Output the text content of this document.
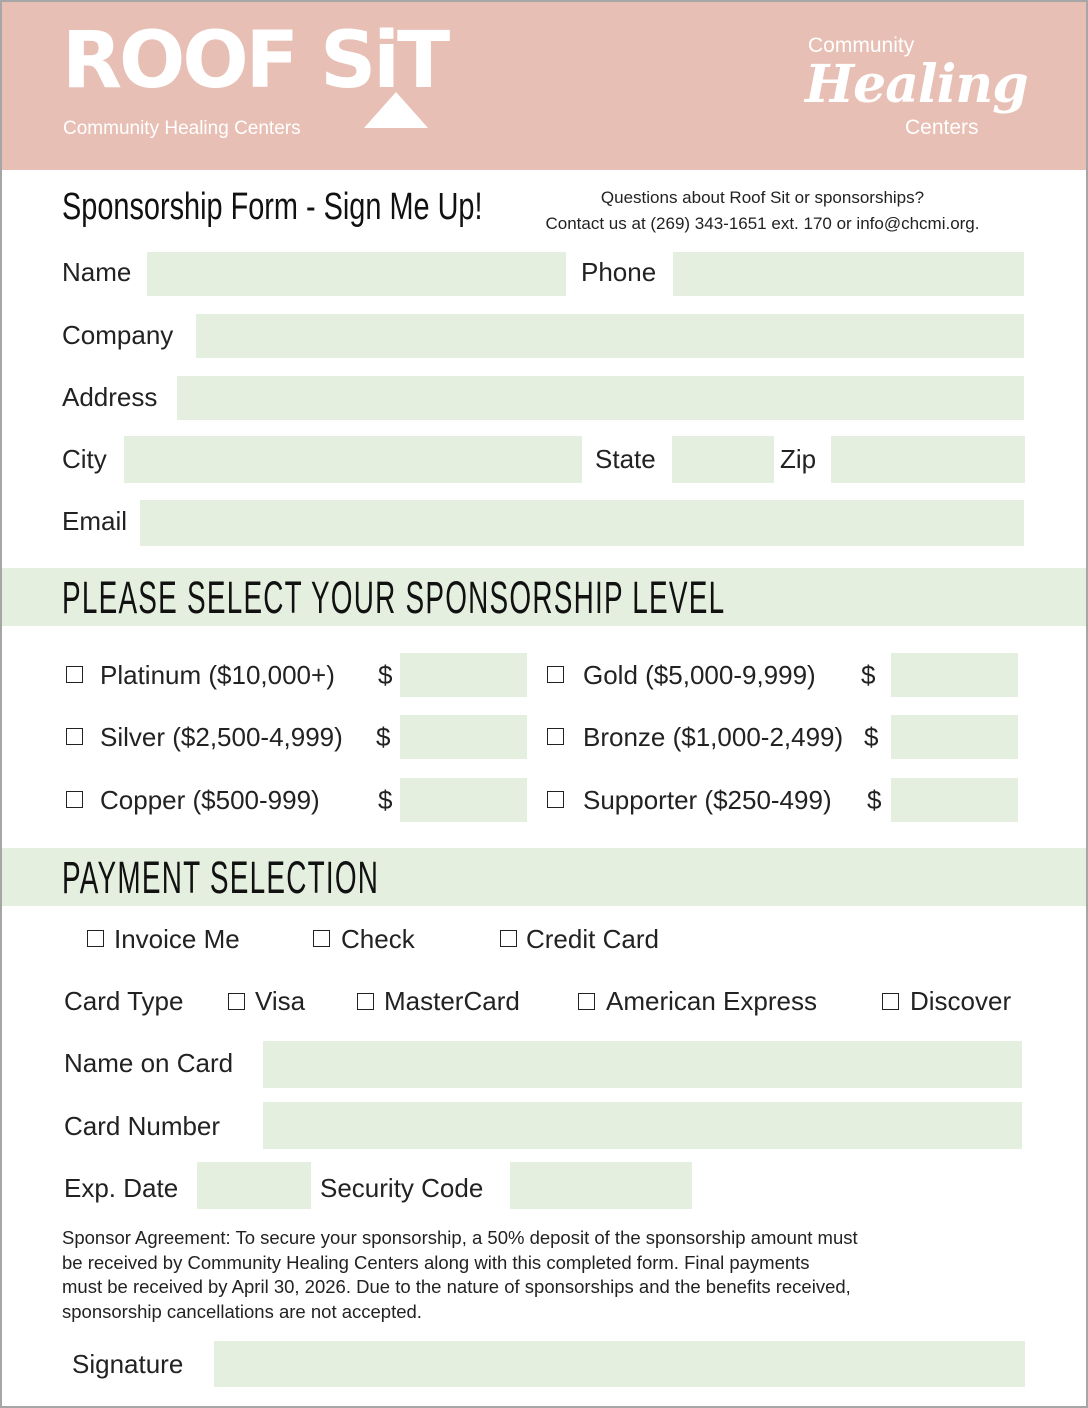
ROOF SiT
Community Healing Centers
Community
Healing
Centers
Sponsorship Form - Sign Me Up!	Questions about Roof Sit or sponsorships?
Contact us at (269) 343-1651 ext. 170 or info@chcmi.org.
Name	Phone
Company
Address
City	State	Zip
Email
PLEASE SELECT YOUR SPONSORSHIP LEVEL
Platinum ($10,000+) $	Gold ($5,000-9,999) $
Silver ($2,500-4,999) $	Bronze ($1,000-2,499) $
Copper ($500-999) $	Supporter ($250-499) $
PAYMENT SELECTION
Invoice Me	Check	Credit Card
Card Type	Visa	MasterCard	American Express	Discover
Name on Card
Card Number
Exp. Date	Security Code
Sponsor Agreement: To secure your sponsorship, a 50% deposit of the sponsorship amount must
be received by Community Healing Centers along with this completed form. Final payments
must be received by April 30, 2026. Due to the nature of sponsorships and the benefits received,
sponsorship cancellations are not accepted.
Signature
